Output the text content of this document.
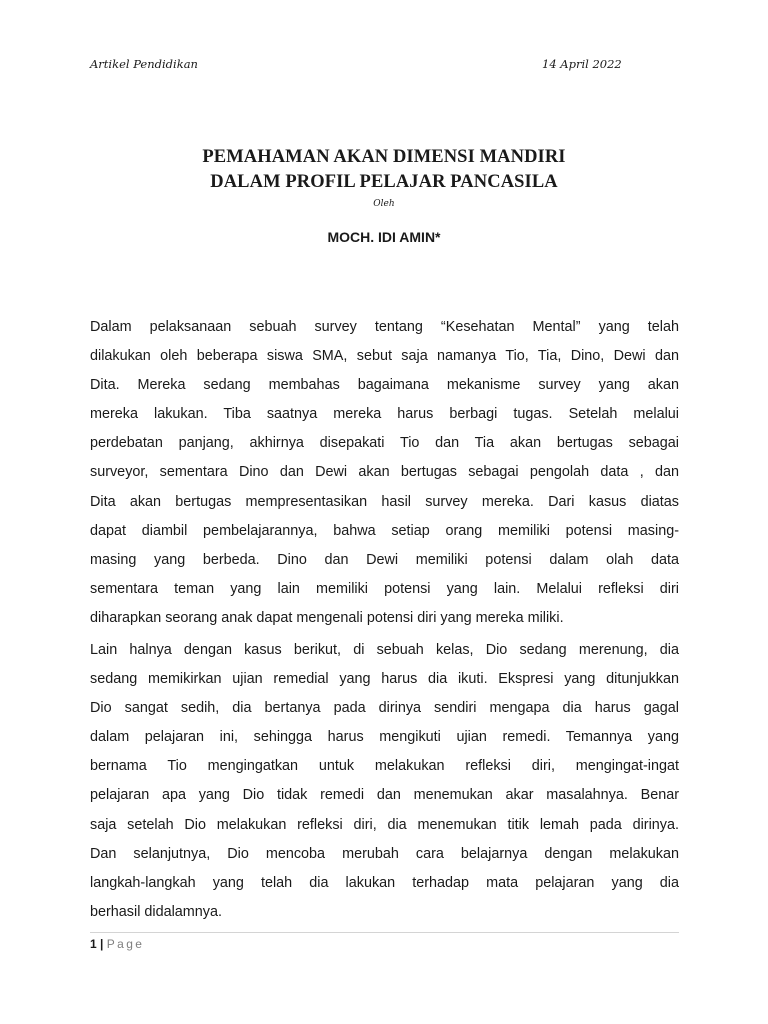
Artikel Pendidikan	14 April 2022
PEMAHAMAN AKAN DIMENSI MANDIRI
DALAM PROFIL PELAJAR PANCASILA
Oleh
MOCH. IDI AMIN*
Dalam pelaksanaan sebuah survey tentang “Kesehatan Mental” yang telah
dilakukan oleh beberapa siswa SMA, sebut saja namanya Tio, Tia, Dino, Dewi dan
Dita. Mereka sedang membahas bagaimana mekanisme survey yang akan
mereka lakukan. Tiba saatnya mereka harus berbagi tugas. Setelah melalui
perdebatan panjang, akhirnya disepakati Tio dan Tia akan bertugas sebagai
surveyor, sementara Dino dan Dewi akan bertugas sebagai pengolah data , dan
Dita akan bertugas mempresentasikan hasil survey mereka. Dari kasus diatas
dapat diambil pembelajarannya, bahwa setiap orang memiliki potensi masing-
masing yang berbeda. Dino dan Dewi memiliki potensi dalam olah data
sementara teman yang lain memiliki potensi yang lain. Melalui refleksi diri
diharapkan seorang anak dapat mengenali potensi diri yang mereka miliki.
Lain halnya dengan kasus berikut, di sebuah kelas, Dio sedang merenung, dia
sedang memikirkan ujian remedial yang harus dia ikuti. Ekspresi yang ditunjukkan
Dio sangat sedih, dia bertanya pada dirinya sendiri mengapa dia harus gagal
dalam pelajaran ini, sehingga harus mengikuti ujian remedi. Temannya yang
bernama Tio mengingatkan untuk melakukan refleksi diri, mengingat-ingat
pelajaran apa yang Dio tidak remedi dan menemukan akar masalahnya. Benar
saja setelah Dio melakukan refleksi diri, dia menemukan titik lemah pada dirinya.
Dan selanjutnya, Dio mencoba merubah cara belajarnya dengan melakukan
langkah-langkah yang telah dia lakukan terhadap mata pelajaran yang dia
berhasil didalamnya.
1 | Page
